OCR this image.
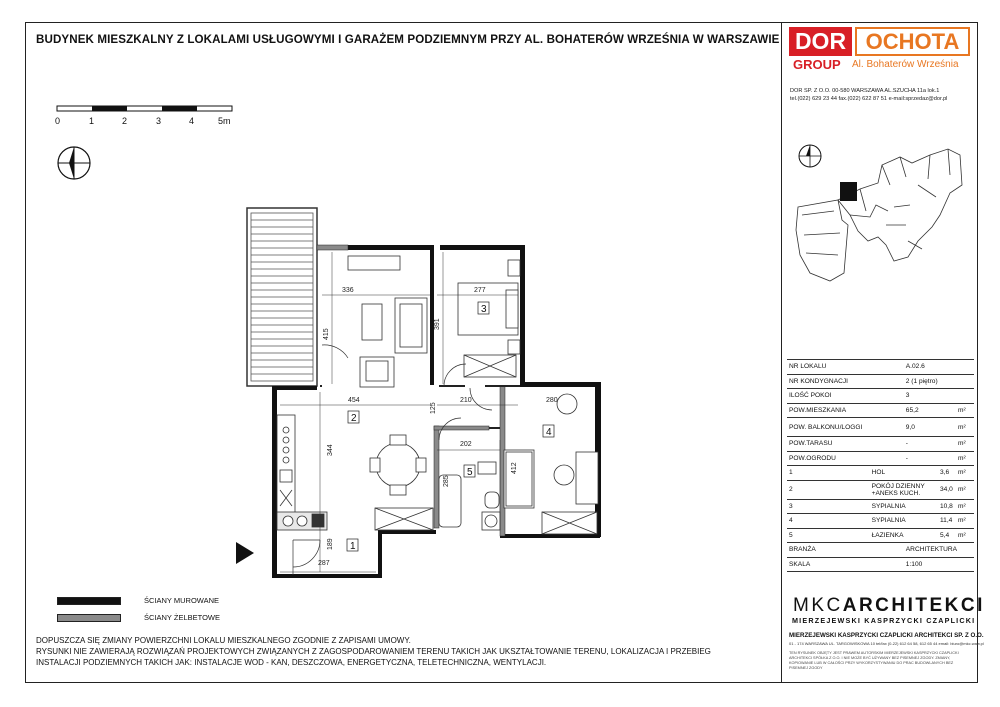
BUDYNEK MIESZKALNY Z LOKALAMI USŁUGOWYMI I GARAŻEM PODZIEMNYM PRZY AL. BOHATERÓW WRZEŚNIA W WARSZAWIE DOR OCHOTA
GROUP Al. Bohaterów Września
DOR SP. Z O.O. 00-580 WARSZAWA AL.SZUCHA 11a lok.1
tel.(022) 629 23 44 fax.(022) 622 87 51 e-mail:sprzedaz@dor.pl
0	1	2	3	4	5m
336	277
415
391
454
125
210	280
202
344
412
285
189
287
1
2
3
4
5
NR LOKALU		A.02.6		
NR KONDYGNACJI		2 (1 piętro)		
ILOŚĆ POKOI		3		
POW.MIESZKANIA		65,2		m²
POW. BALKONU/LOGGI		9,0		m²
POW.TARASU		-		m²
POW.OGRODU		-		m²
1	HOL		3,6	m²
2	POKÓJ DZIENNY +ANEKS KUCH.		34,0	m²
3	SYPIALNIA		10,8	m²
4	SYPIALNIA		11,4	m²
5	ŁAZIENKA		5,4	m²
BRANŻA		ARCHITEKTURA		
SKALA		1:100		
ŚCIANY MUROWANE
ŚCIANY ŻELBETOWE
DOPUSZCZA SIĘ ZMIANY POWIERZCHNI LOKALU MIESZKALNEGO ZGODNIE Z ZAPISAMI UMOWY.
RYSUNKI NIE ZAWIERAJĄ ROZWIĄZAŃ PROJEKTOWYCH ZWIĄZANYCH Z ZAGOSPODAROWANIEM TERENU TAKICH JAK UKSZTAŁTOWANIE TERENU, LOKALIZACJA I PRZEBIEG
INSTALACJI PODZIEMNYCH TAKICH JAK: INSTALACJE WOD - KAN, DESZCZOWA, ENERGETYCZNA, TELETECHNICZNA, WENTYLACJI.
MKCARCHITEKCI
MIERZEJEWSKI KASPRZYCKI CZAPLICKI
MIERZEJEWSKI KASPRZYCKI CZAPLICKI ARCHITEKCI SP. Z O.O.
01 - 174 WARSZAWA UL. TARGOWISKOWA 10 tel/fax (0-22) 612 64 58, 612 65 44 email: biuro@mkc.waw.pl
TEN RYSUNEK OBJĘTY JEST PRAWEM AUTORSKIM MIERZEJEWSKI KASPRZYCKI CZAPLICKI ARCHITEKCI SPÓŁKA Z O.O. I NIE MOŻE BYĆ UŻYWANY BEZ PISEMNEJ ZGODY. ZMIANY, KOPIOWANIE LUB W CAŁOŚCI PRZY WYKORZYSTYWANIU DO PRAC BUDOWLANYCH BEZ PISEMNEJ ZGODY
